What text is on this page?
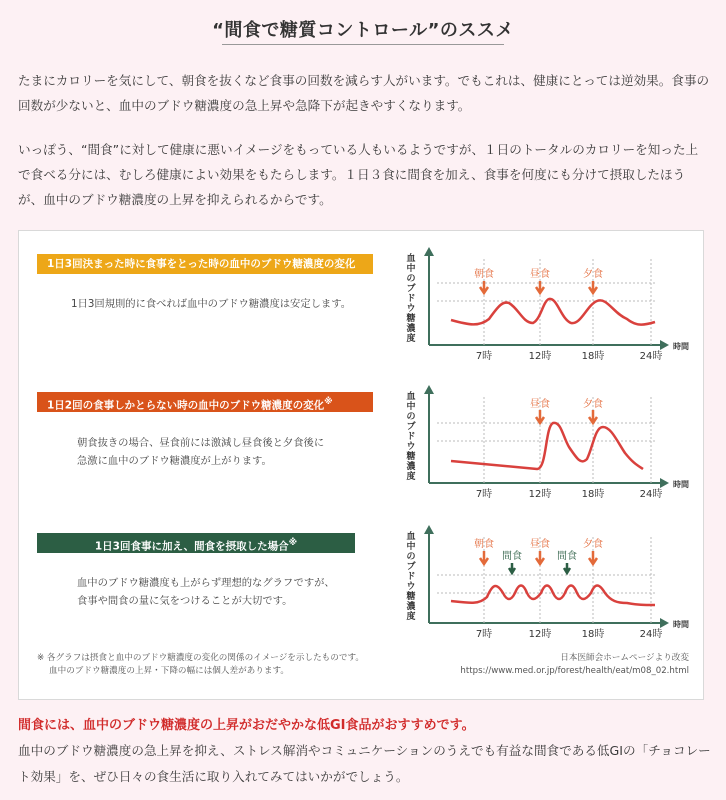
“間食で糖質コントロール”のススメ
たまにカロリーを気にして、朝食を抜くなど食事の回数を減らす人がいます。でもこれは、健康にとっては逆効果。食事の回数が少ないと、血中のブドウ糖濃度の急上昇や急降下が起きやすくなります。
いっぽう、“間食”に対して健康に悪いイメージをもっている人もいるようですが、１日のトータルのカロリーを知った上で食べる分には、むしろ健康によい効果をもたらします。１日３食に間食を加え、食事を何度にも分けて摂取したほうが、血中のブドウ糖濃度の上昇を抑えられるからです。
1日3回決まった時に食事をとった時の血中のブドウ糖濃度の変化※
1日3回規則的に食べれば血中のブドウ糖濃度は安定します。
1日2回の食事しかとらない時の血中のブドウ糖濃度の変化※
朝食抜きの場合、昼食前には激減し昼食後と夕食後に
急激に血中のブドウ糖濃度が上がります。
1日3回食事に加え、間食を摂取した場合※
血中のブドウ糖濃度も上がらず理想的なグラフですが、
食事や間食の量に気をつけることが大切です。
血中のブドウ糖濃度
時間
朝食	昼食	夕食
7時	12時	18時	24時
血中のブドウ糖濃度
時間
昼食	夕食
7時	12時	18時	24時
血中のブドウ糖濃度
時間
朝食	昼食	夕食
間食	間食
7時	12時	18時	24時
※ 各グラフは摂食と血中のブドウ糖濃度の変化の関係のイメージを示したものです。
血中のブドウ糖濃度の上昇・下降の幅には個人差があります。
日本医師会ホームページより改変
https://www.med.or.jp/forest/health/eat/m08_02.html
間食には、血中のブドウ糖濃度の上昇がおだやかな低GI食品がおすすめです。
血中のブドウ糖濃度の急上昇を抑え、ストレス解消やコミュニケーションのうえでも有益な間食である低GIの「チョコレート効果」を、ぜひ日々の食生活に取り入れてみてはいかがでしょう。
